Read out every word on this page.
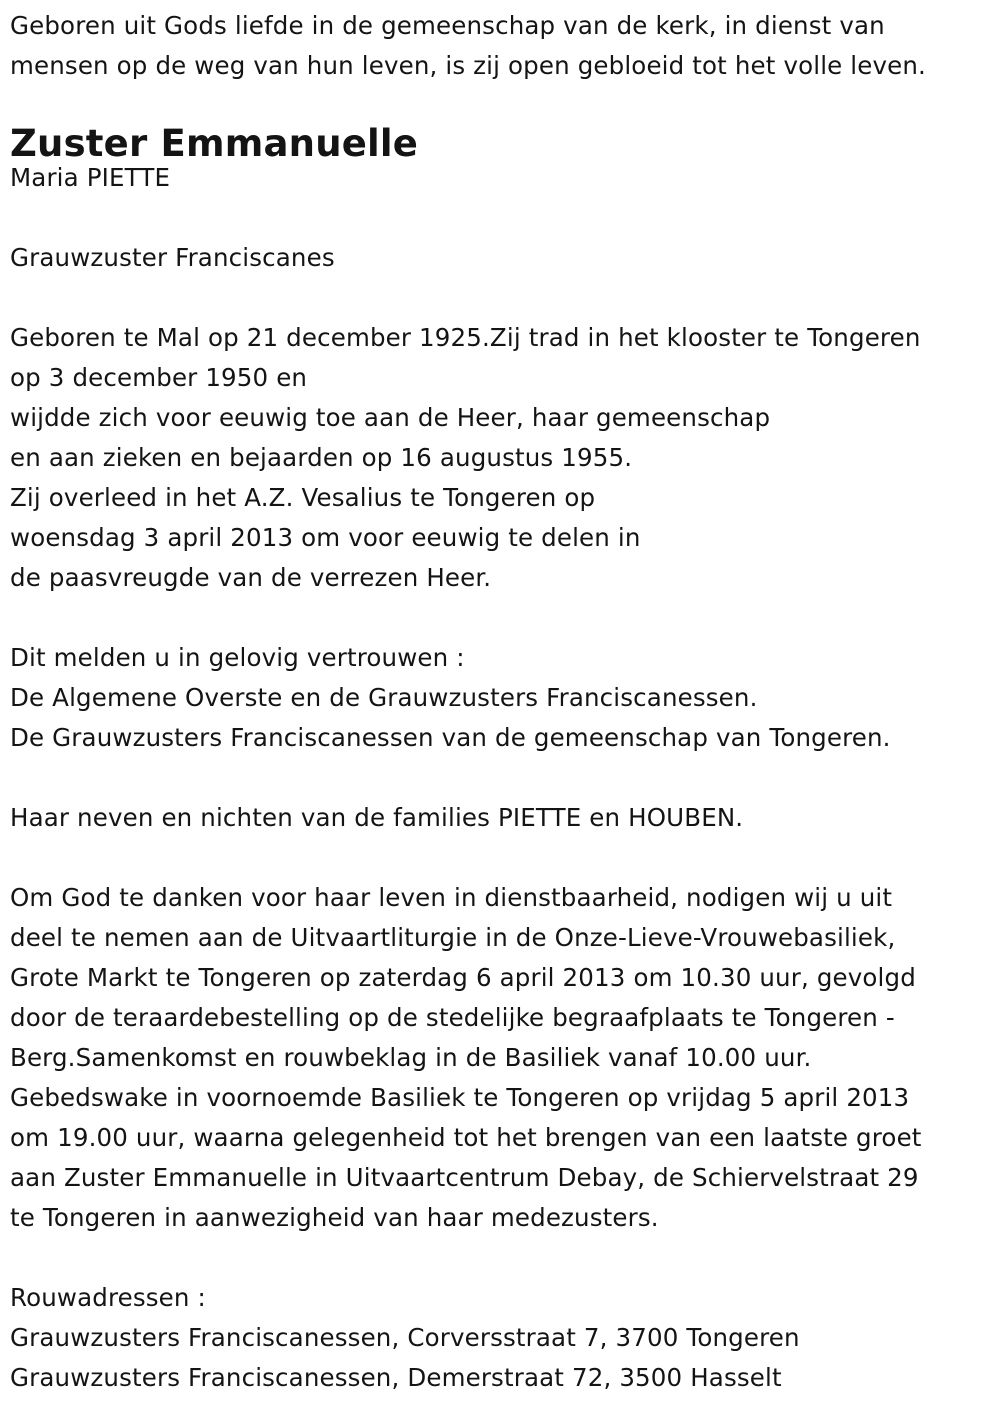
Geboren uit Gods liefde in de gemeenschap van de kerk, in dienst van
mensen op de weg van hun leven, is zij open gebloeid tot het volle leven.
Zuster Emmanuelle
Maria PIETTE
Grauwzuster Franciscanes
Geboren te Mal op 21 december 1925.Zij trad in het klooster te Tongeren
op 3 december 1950 en
wijdde zich voor eeuwig toe aan de Heer, haar gemeenschap
en aan zieken en bejaarden op 16 augustus 1955.
Zij overleed in het A.Z. Vesalius te Tongeren op
woensdag 3 april 2013 om voor eeuwig te delen in
de paasvreugde van de verrezen Heer.
Dit melden u in gelovig vertrouwen :
De Algemene Overste en de Grauwzusters Franciscanessen.
De Grauwzusters Franciscanessen van de gemeenschap van Tongeren.
Haar neven en nichten van de families PIETTE en HOUBEN.
Om God te danken voor haar leven in dienstbaarheid, nodigen wij u uit
deel te nemen aan de Uitvaartliturgie in de Onze-Lieve-Vrouwebasiliek,
Grote Markt te Tongeren op zaterdag 6 april 2013 om 10.30 uur, gevolgd
door de teraardebestelling op de stedelijke begraafplaats te Tongeren -
Berg.Samenkomst en rouwbeklag in de Basiliek vanaf 10.00 uur.
Gebedswake in voornoemde Basiliek te Tongeren op vrijdag 5 april 2013
om 19.00 uur, waarna gelegenheid tot het brengen van een laatste groet
aan Zuster Emmanuelle in Uitvaartcentrum Debay, de Schiervelstraat 29
te Tongeren in aanwezigheid van haar medezusters.
Rouwadressen :
Grauwzusters Franciscanessen, Corversstraat 7, 3700 Tongeren
Grauwzusters Franciscanessen, Demerstraat 72, 3500 Hasselt
